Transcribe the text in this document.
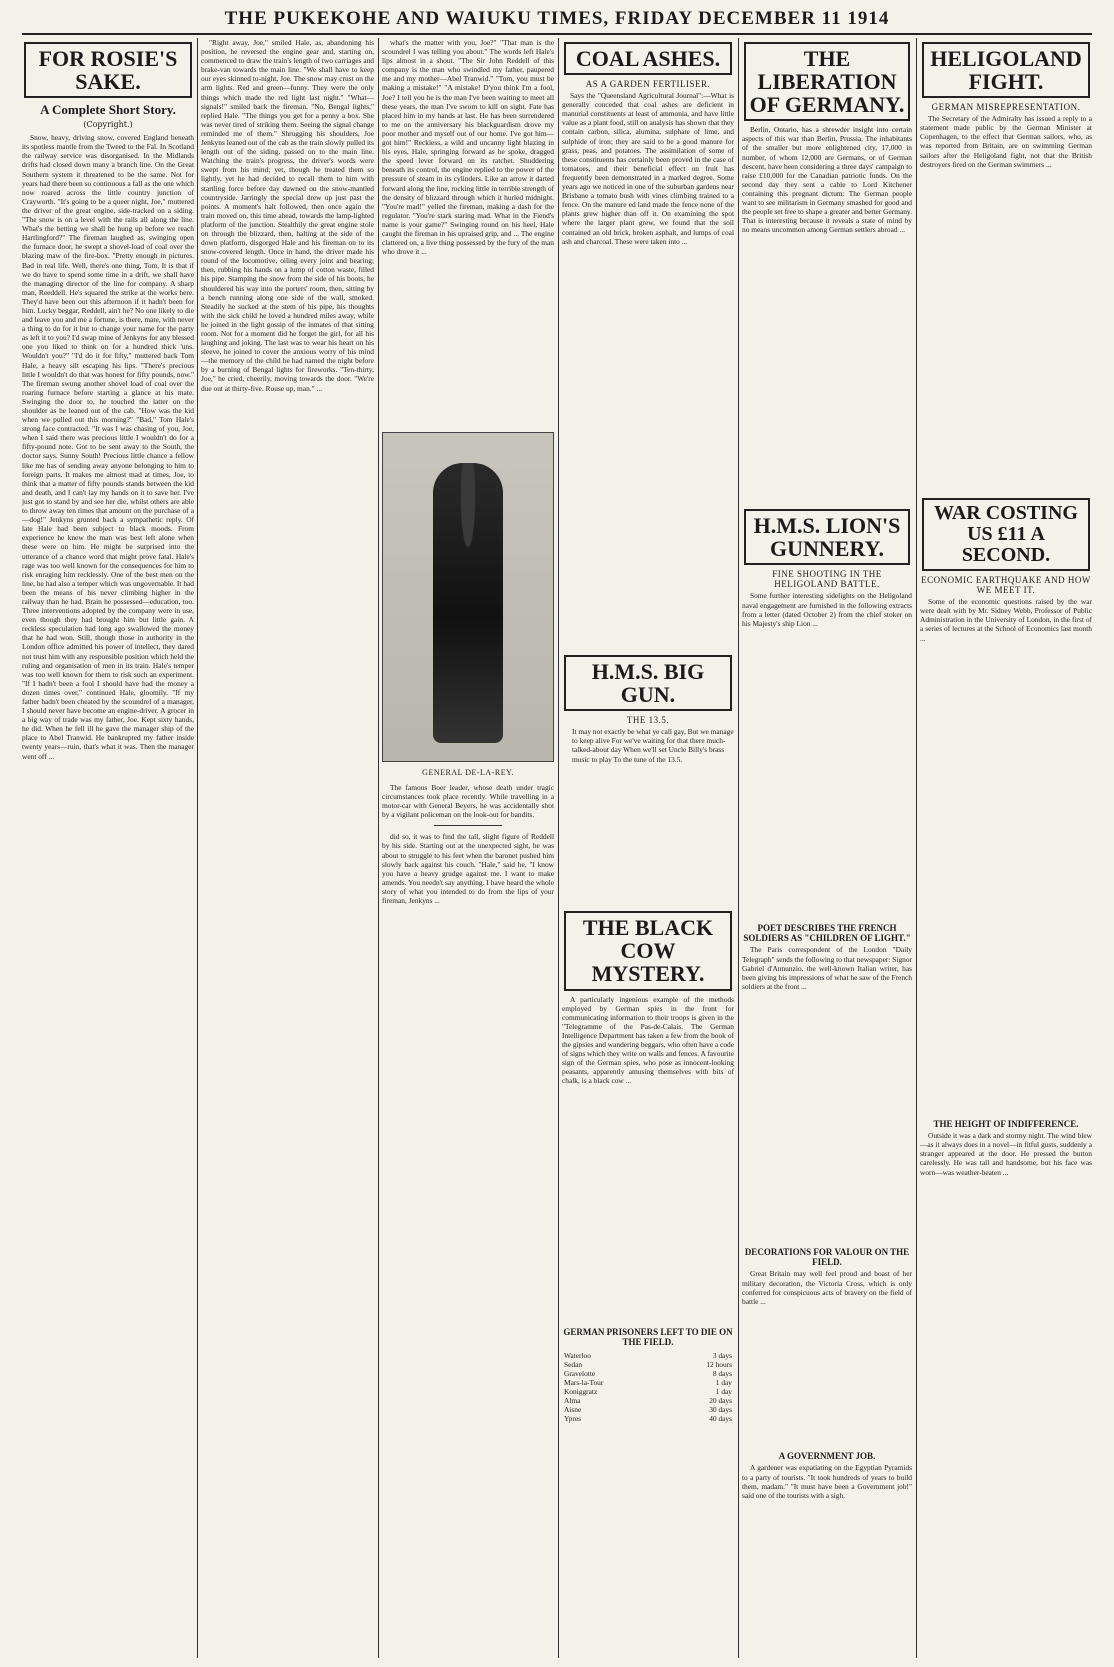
THE PUKEKOHE AND WAIUKU TIMES, FRIDAY DECEMBER 11 1914
FOR ROSIE'S SAKE.
A Complete Short Story.
(Copyright.)

Snow, heavy, driving snow, covered England beneath its spotless mantle from the Tweed to the Fal. In Scotland the railway service was disorganised. In the Midlands drifts had closed down many a branch line. On the Great Southern system it threatened to be the same. Not for years had there been so continuous a fall as the one which now roared across the little country junction of Crayworth. "It's going to be a queer night, Joe," muttered the driver of the great engine, side-tracked on a siding. "The snow is on a level with the rails all along the line. What's the betting we shall be hung up before we reach Hartlingford?" The fireman laughed as, swinging open the furnace door, he swept a shovel-load of coal over the blazing maw of the fire-box. "Pretty enough in pictures. Bad in real life. Well, there's one thing, Tom. It is that if we do have to spend some time in a drift, we shall have the managing director of the line for company. A sharp man, Reeddell. He's squared the strike at the works here. They'd have been out this afternoon if it hadn't been for him. Lucky beggar, Reddell, ain't he? No one likely to die and leave you and me a fortune, is there, mate, with never a thing to do for it but to change your name for the party as left it to you? I'd swap mine of Jenkyns for any blessed one you liked to think on for a hundred thick 'uns. Wouldn't you?" "I'd do it for fifty," muttered back Tom Hale, a heavy silt escaping his lips. "There's precious little I wouldn't do that was honest for fifty pounds, now." The fireman swung another shovel load of coal over the roaring furnace before starting a glance at his mate. Swinging the door to, he touched the latter on the shoulder as he leaned out of the cab. "How was the kid when we pulled out this morning?" "Bad," Tom Hale's strong face contracted. "It was I was chasing of you, Joe, when I said there was precious little I wouldn't do for a fifty-pound note. Got to be sent away to the South, the doctor says. Sunny South! Precious little chance a fellow like me has of sending away anyone belonging to him to foreign parts. It makes me almost mad at times, Joe, to think that a matter of fifty pounds stands between the kid and death, and I can't lay my hands on it to save her. I've just got to stand by and see her die, whilst others are able to throw away ten times that amount on the purchase of a—dog!" Jenkyns grunted back a sympathetic reply. Of late Hale had been subject to black moods. From experience he knew the man was best left alone when these were on him. He might be surprised into the utterance of a chance word that might prove fatal. Hale's rage was too well known for the consequences for him to risk enraging him recklessly. One of the best men on the line, he had also a temper which was ungovernable. It had been the means of his never climbing higher in the railway than he had. Brain he possessed—education, too. Three interventions adopted by the company were in use, even though they had brought him but little gain. A reckless speculation had long ago swallowed the money that he had won. Still, though those in authority in the London office admitted his power of intellect, they dared not trust him with any responsible position which held the ruling and organisation of men in its train. Hale's temper was too well known for them to risk such an experiment. "If I hadn't been a fool I should have had the money a dozen times over," continued Hale, gloomily. "If my father hadn't been cheated by the scoundrel of a manager, I should never have become an engine-driver. A grocer in a big way of trade was my father, Joe. Kept sixty hands, he did. When he fell ill he gave the manager ship of the place to Abel Tranwid. He bankrupted my father inside twenty years—ruin, that's what it was. Then the manager went off ...

"Right away, Joe," smiled Hale, as, abandoning his position, he reversed the engine gear and, starting on, commenced to draw the train's length of two carriages and brake-van towards the main line. "We shall have to keep our eyes skinned to-night, Joe. The snow may crust on the arm lights. Red and green—funny. They were the only things which made the red light last night." "What—signals!" smiled back the fireman. "No, Bengal lights," replied Hale. "The things you get for a penny a box. She was never tired of striking them. Seeing the signal change reminded me of them." Shrugging his shoulders, Joe Jenkyns leaned out of the cab as the train slowly pulled its length out of the siding, passed on to the main line. Watching the train's progress, the driver's words were swept from his mind; yet, though he treated them so lightly, yet he had decided to recall them to him with startling force before day dawned on the snow-mantled countryside. Jarringly the special drew up just past the points. A moment's halt followed, then once again the train moved on, this time ahead, towards the lamp-lighted platform of the junction. Stealthily the great engine stole on through the blizzard, then, halting at the side of the down platform, disgorged Hale and his fireman on to its snow-covered length. Once in hand, the driver made his round of the locomotive, oiling every joint and bearing; then, rubbing his hands on a lump of cotton waste, filled his pipe. Stamping the snow from the side of his boots, he shouldered his way into the porters' room, then, sitting by a bench running along one side of the wall, smoked. Steadily he sucked at the stem of his pipe, his thoughts with the sick child he loved a hundred miles away, while he joined in the light gossip of the inmates of that sitting room. Not for a moment did he forget the girl, for all his laughing and joking. The last was to wear his heart on his sleeve, he joined to cover the anxious worry of his mind—the memory of the child he had named the night before by a burning of Bengal lights for fireworks. "Ten-thirty, Joe," he cried, cheerily, moving towards the door. "We're due out at thirty-five. Rouse up, man." ...

what's the matter with you, Joe?" "That man is the scoundrel I was telling you about." The words left Hale's lips almost in a shout. "The Sir John Reddell of this company is the man who swindled my father, paupered me and my mother—Abel Tranwid." "Tom, you must be making a mistake!" "A mistake! D'you think I'm a fool, Joe? I tell you he is the man I've been waiting to meet all these years, the man I've sworn to kill on sight. Fate has placed him in my hands at last. He has been surrendered to me on the anniversary his blackguardism drove my poor mother and myself out of our home. I've got him—got him!" Reckless, a wild and uncanny light blazing in his eyes, Hale, springing forward as he spoke, dragged the speed lever forward on its ratchet. Shuddering beneath its control, the engine replied to the power of the pressure of steam in its cylinders. Like an arrow it darted forward along the line, rocking little in terrible strength of the density of blizzard through which it hurled midnight. "You're mad!" yelled the fireman, making a dash for the regulator. "You're stark staring mad. What in the Fiend's name is your game?" Swinging round on his heel, Hale caught the fireman in his upraised grip, and ... The engine clattered on, a live thing possessed by the fury of the man who drove it ...

GENERAL DE-LA-REY.

The famous Boer leader, whose death under tragic circumstances took place recently. While travelling in a motor-car with General Beyers, he was accidentally shot by a vigilant policeman on the look-out for bandits.

did so, it was to find the tall, slight figure of Reddell by his side. Starting out at the unexpected sight, he was about to struggle to his feet when the baronet pushed him slowly back against his couch. "Hale," said he, "I know you have a heavy grudge against me. I want to make amends. You needn't say anything. I have heard the whole story of what you intended to do from the lips of your fireman, Jenkyns ...

COAL ASHES.
AS A GARDEN FERTILISER.

Says the "Queensland Agricultural Journal":—What is generally conceded that coal ashes are deficient in manurial constituents at least of ammonia, and have little value as a plant food, still on analysis has shown that they contain carbon, silica, alumina, sulphate of lime, and sulphide of iron; they are said to be a good manure for grass, peas, and potatoes. The assimilation of some of these constituents has certainly been proved in the case of tomatoes, and their beneficial effect on fruit has frequently been demonstrated in a marked degree. Some years ago we noticed in one of the suburban gardens near Brisbane a tomato bush with vines climbing trained to a fence. On the manure ed land made the fence none of the plants grew higher than off it. On examining the spot where the larger plant grew, we found that the soil contained an old brick, broken asphalt, and lumps of coal ash and charcoal. These were taken into ...

H.M.S. BIG GUN.
THE 13.5.
It may not exactly be what ye call gay, But we manage to keep alive For we've waiting for that there much-talked-about day When we'll set Uncle Billy's brass music to play To the tune of the 13.5.
THE BLACK COW MYSTERY.

A particularly ingenious example of the methods employed by German spies in the front for communicating information to their troops is given in the "Telegramme of the Pas-de-Calais. The German Intelligence Department has taken a few from the book of the gipsies and wandering beggars, who often have a code of signs which they write on walls and fences. A favourite sign of the German spies, who pose as innocent-looking peasants, apparently amusing themselves with bits of chalk, is a black cow ...

GERMAN PRISONERS LEFT TO DIE ON THE FIELD.
Waterloo	3 days
Sedan	12 hours
Gravelotte	8 days
Mars-la-Tour	1 day
Koniggratz	1 day
Alma	20 days
Aisne	30 days
Ypres	40 days
THE LIBERATION OF GERMANY.

Berlin, Ontario, has a shrewder insight into certain aspects of this war than Berlin, Prussia. The inhabitants of the smaller but more enlightened city, 17,000 in number, of whom 12,000 are Germans, or of German descent, have been considering a three days' campaign to raise £10,000 for the Canadian patriotic funds. On the second day they sent a cable to Lord Kitchener containing this pregnant dictum: The German people want to see militarism in Germany smashed for good and the people set free to shape a greater and better Germany. That is interesting because it reveals a state of mind by no means uncommon among German settlers abroad ...

H.M.S. LION'S GUNNERY.
FINE SHOOTING IN THE HELIGOLAND BATTLE.

Some further interesting sidelights on the Heligoland naval engagement are furnished in the following extracts from a letter (dated October 2) from the chief stoker on his Majesty's ship Lion ...

POET DESCRIBES THE FRENCH SOLDIERS AS "CHILDREN OF LIGHT."

The Paris correspondent of the London "Daily Telegraph" sends the following to that newspaper: Signor Gabriel d'Annunzio, the well-known Italian writer, has been giving his impressions of what he saw of the French soldiers at the front ...

DECORATIONS FOR VALOUR ON THE FIELD.

Great Britain may well feel proud and boast of her military decoration, the Victoria Cross, which is only conferred for conspicuous acts of bravery on the field of battle ...

A GOVERNMENT JOB.

A gardener was expatiating on the Egyptian Pyramids to a party of tourists. "It took hundreds of years to build them, madam." "It must have been a Government job!" said one of the tourists with a sigh.

HELIGOLAND FIGHT.
GERMAN MISREPRESENTATION.

The Secretary of the Admiralty has issued a reply to a statement made public by the German Minister at Copenhagen, to the effect that German sailors, who, as was reported from Britain, are on swimming German sailors after the Heligoland fight, not that the British destroyers fired on the German swimmers ...

WAR COSTING US £11 A SECOND.
ECONOMIC EARTHQUAKE AND HOW WE MEET IT.

Some of the economic questions raised by the war were dealt with by Mr. Sidney Webb, Professor of Public Administration in the University of London, in the first of a series of lectures at the School of Economics last month ...

THE HEIGHT OF INDIFFERENCE.

Outside it was a dark and stormy night. The wind blew—as it always does in a novel—in fitful gusts, suddenly a stranger appeared at the door. He pressed the button carelessly. He was tall and handsome, but his face was worn—was weather-beaten ...
